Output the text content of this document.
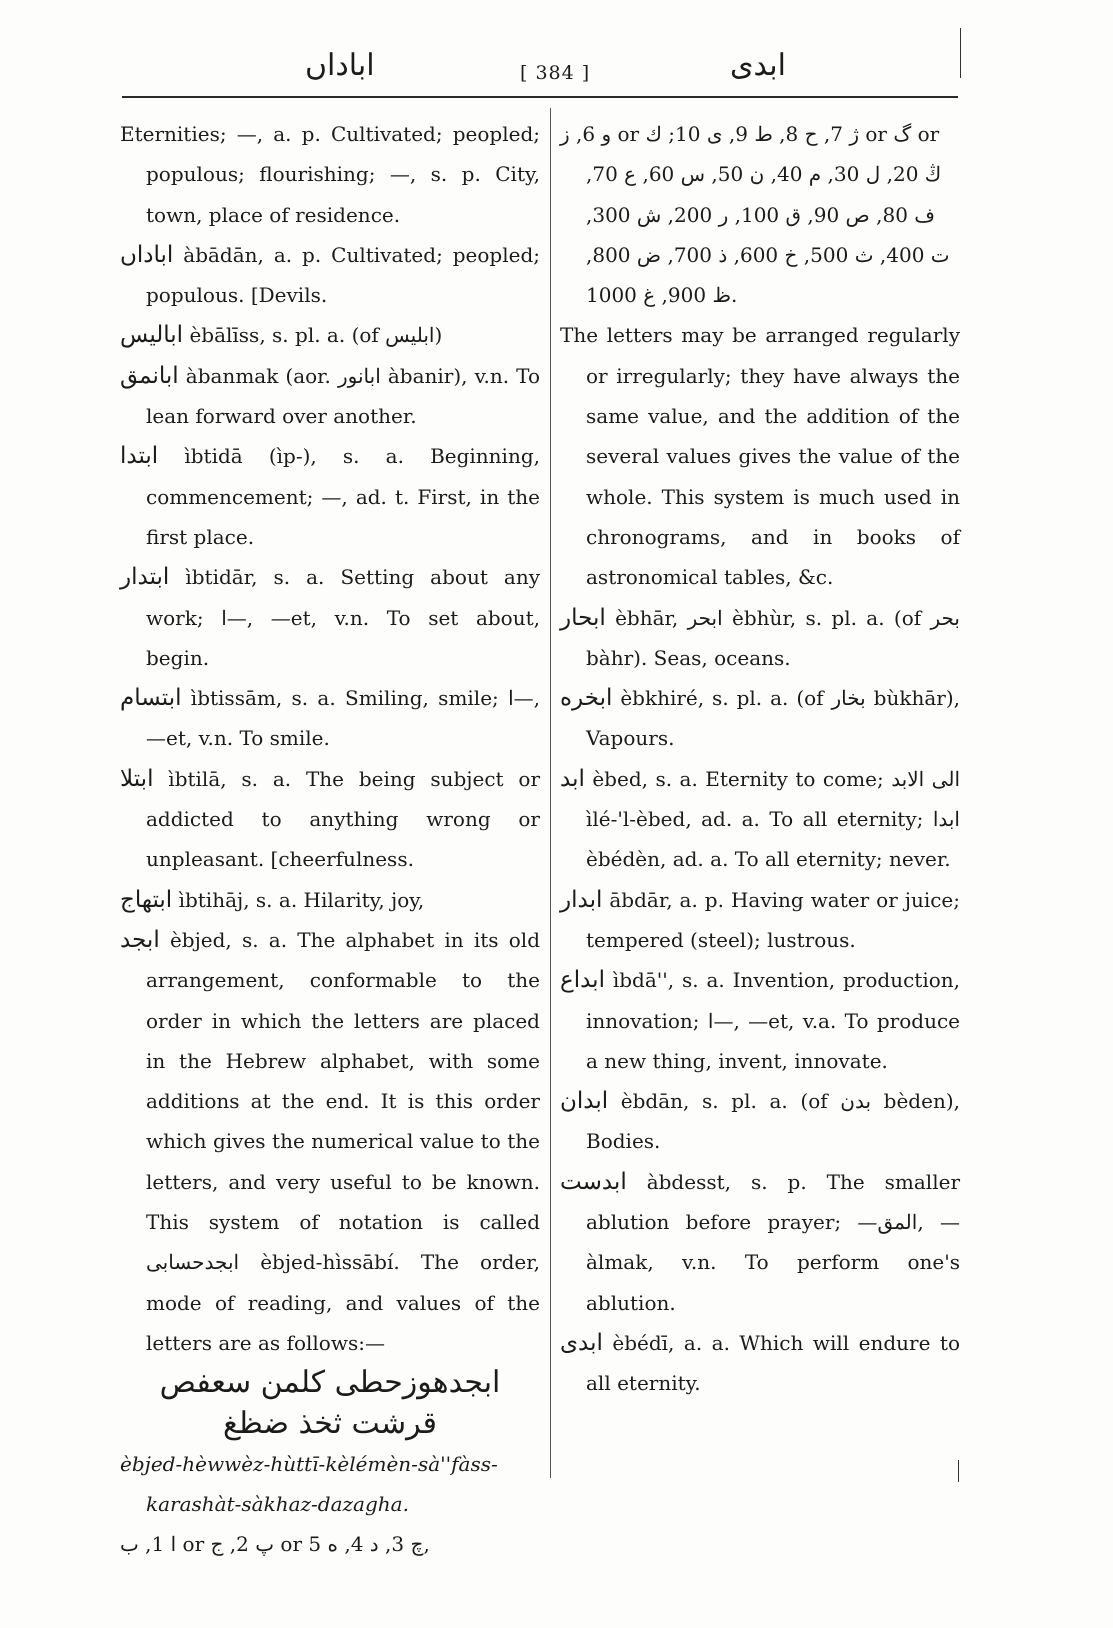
اباداں	[ 384 ]	ابدی

Eternities; —, a. p. Cultivated; peopled; populous; flourishing; —, s. p. City, town, place of residence.

اباداں àbādān, a. p. Cultivated; peopled; populous. [Devils.

ابالیس èbālīss, s. pl. a. (of ابلیس)

ابانمق àbanmak (aor. ابانور àbanir), v.n. To lean forward over another.

ابتدا ìbtidā (ìp-), s. a. Beginning, commencement; —, ad. t. First, in the first place.

ابتدار ìbtidār, s. a. Setting about any work; ا—, —et, v.n. To set about, begin.

ابتسام ìbtissām, s. a. Smiling, smile; ا—, —et, v.n. To smile.

ابتلا ìbtilā, s. a. The being subject or addicted to anything wrong or unpleasant. [cheerfulness.

ابتهاج ìbtihāj, s. a. Hilarity, joy,

ابجد èbjed, s. a. The alphabet in its old arrangement, conformable to the order in which the letters are placed in the Hebrew alphabet, with some additions at the end. It is this order which gives the numerical value to the letters, and very useful to be known. This system of notation is called ابجدحسابی èbjed-hìssābí. The order, mode of reading, and values of the letters are as follows:—

ابجدهوزحطی کلمن سعفص قرشت ثخذ ضظغ

èbjed-hèwwèz-hùttī-kèlémèn-sà''fàss-karashàt-sàkhaz-dazagha.

ا 1, ب or پ 2, ج or چ 3, د 4, ه 5,

و 6, ز or ژ 7, ح 8, ط 9, ی 10; ك or گ or ڭ 20, ل 30, م 40, ن 50, س 60, ع 70, ف 80, ص 90, ق 100, ر 200, ش 300, ت 400, ث 500, خ 600, ذ 700, ض 800, ظ 900, غ 1000.

The letters may be arranged regularly or irregularly; they have always the same value, and the addition of the several values gives the value of the whole. This system is much used in chronograms, and in books of astronomical tables, &c.

ابحار èbhār, ابحر èbhùr, s. pl. a. (of بحر bàhr). Seas, oceans.

ابخره èbkhiré, s. pl. a. (of بخار bùkhār), Vapours.

ابد èbed, s. a. Eternity to come; الى الابد ìlé-'l-èbed, ad. a. To all eternity; ابدا èbédèn, ad. a. To all eternity; never.

ابدار ābdār, a. p. Having water or juice; tempered (steel); lustrous.

ابداع ìbdā'', s. a. Invention, production, innovation; ا—, —et, v.a. To produce a new thing, invent, innovate.

ابدان èbdān, s. pl. a. (of بدن bèden), Bodies.

ابدست àbdesst, s. p. The smaller ablution before prayer; —المق, —àlmak, v.n. To perform one's ablution.

ابدی èbédī, a. a. Which will endure to all eternity.
